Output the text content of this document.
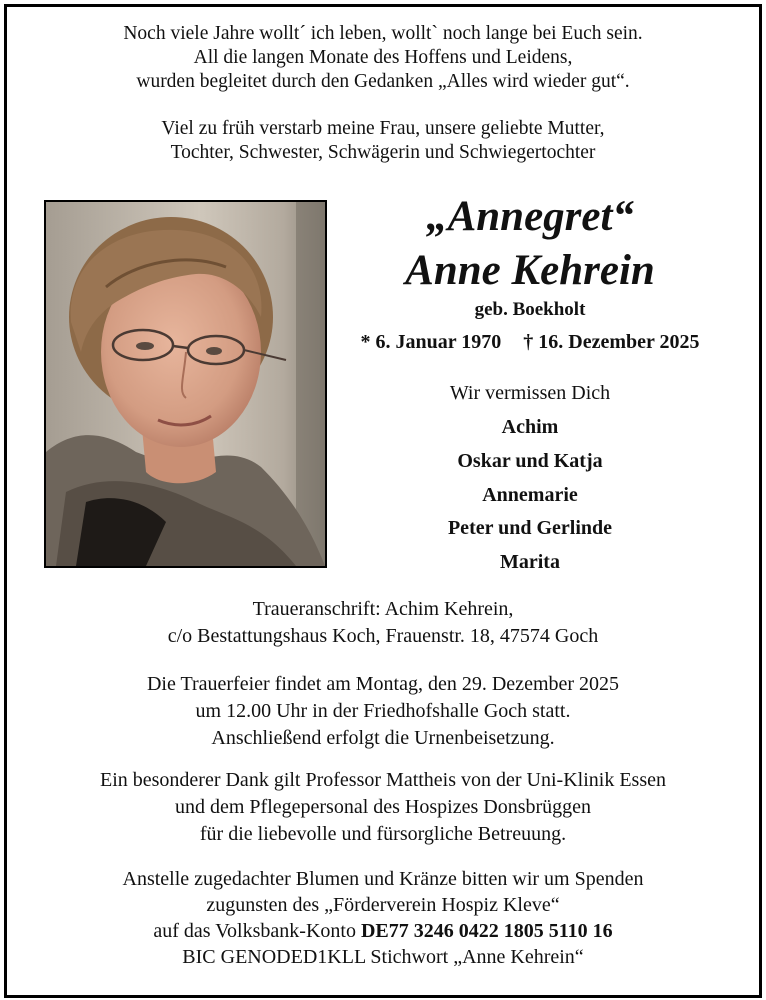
Noch viele Jahre wollt´ ich leben, wollt` noch lange bei Euch sein.
All die langen Monate des Hoffens und Leidens,
wurden begleitet durch den Gedanken „Alles wird wieder gut“.
Viel zu früh verstarb meine Frau, unsere geliebte Mutter,
Tochter, Schwester, Schwägerin und Schwiegertochter
„Annegret“
Anne Kehrein
geb. Boekholt
* 6. Januar 1970 † 16. Dezember 2025
Wir vermissen Dich
Achim
Oskar und Katja
Annemarie
Peter und Gerlinde
Marita
Traueranschrift: Achim Kehrein,
c/o Bestattungshaus Koch, Frauenstr. 18, 47574 Goch
Die Trauerfeier findet am Montag, den 29. Dezember 2025
um 12.00 Uhr in der Friedhofshalle Goch statt.
Anschließend erfolgt die Urnenbeisetzung.
Ein besonderer Dank gilt Professor Mattheis von der Uni-Klinik Essen
und dem Pflegepersonal des Hospizes Donsbrüggen
für die liebevolle und fürsorgliche Betreuung.
Anstelle zugedachter Blumen und Kränze bitten wir um Spenden
zugunsten des „Förderverein Hospiz Kleve“
auf das Volksbank-Konto DE77 3246 0422 1805 5110 16
BIC GENODED1KLL Stichwort „Anne Kehrein“
